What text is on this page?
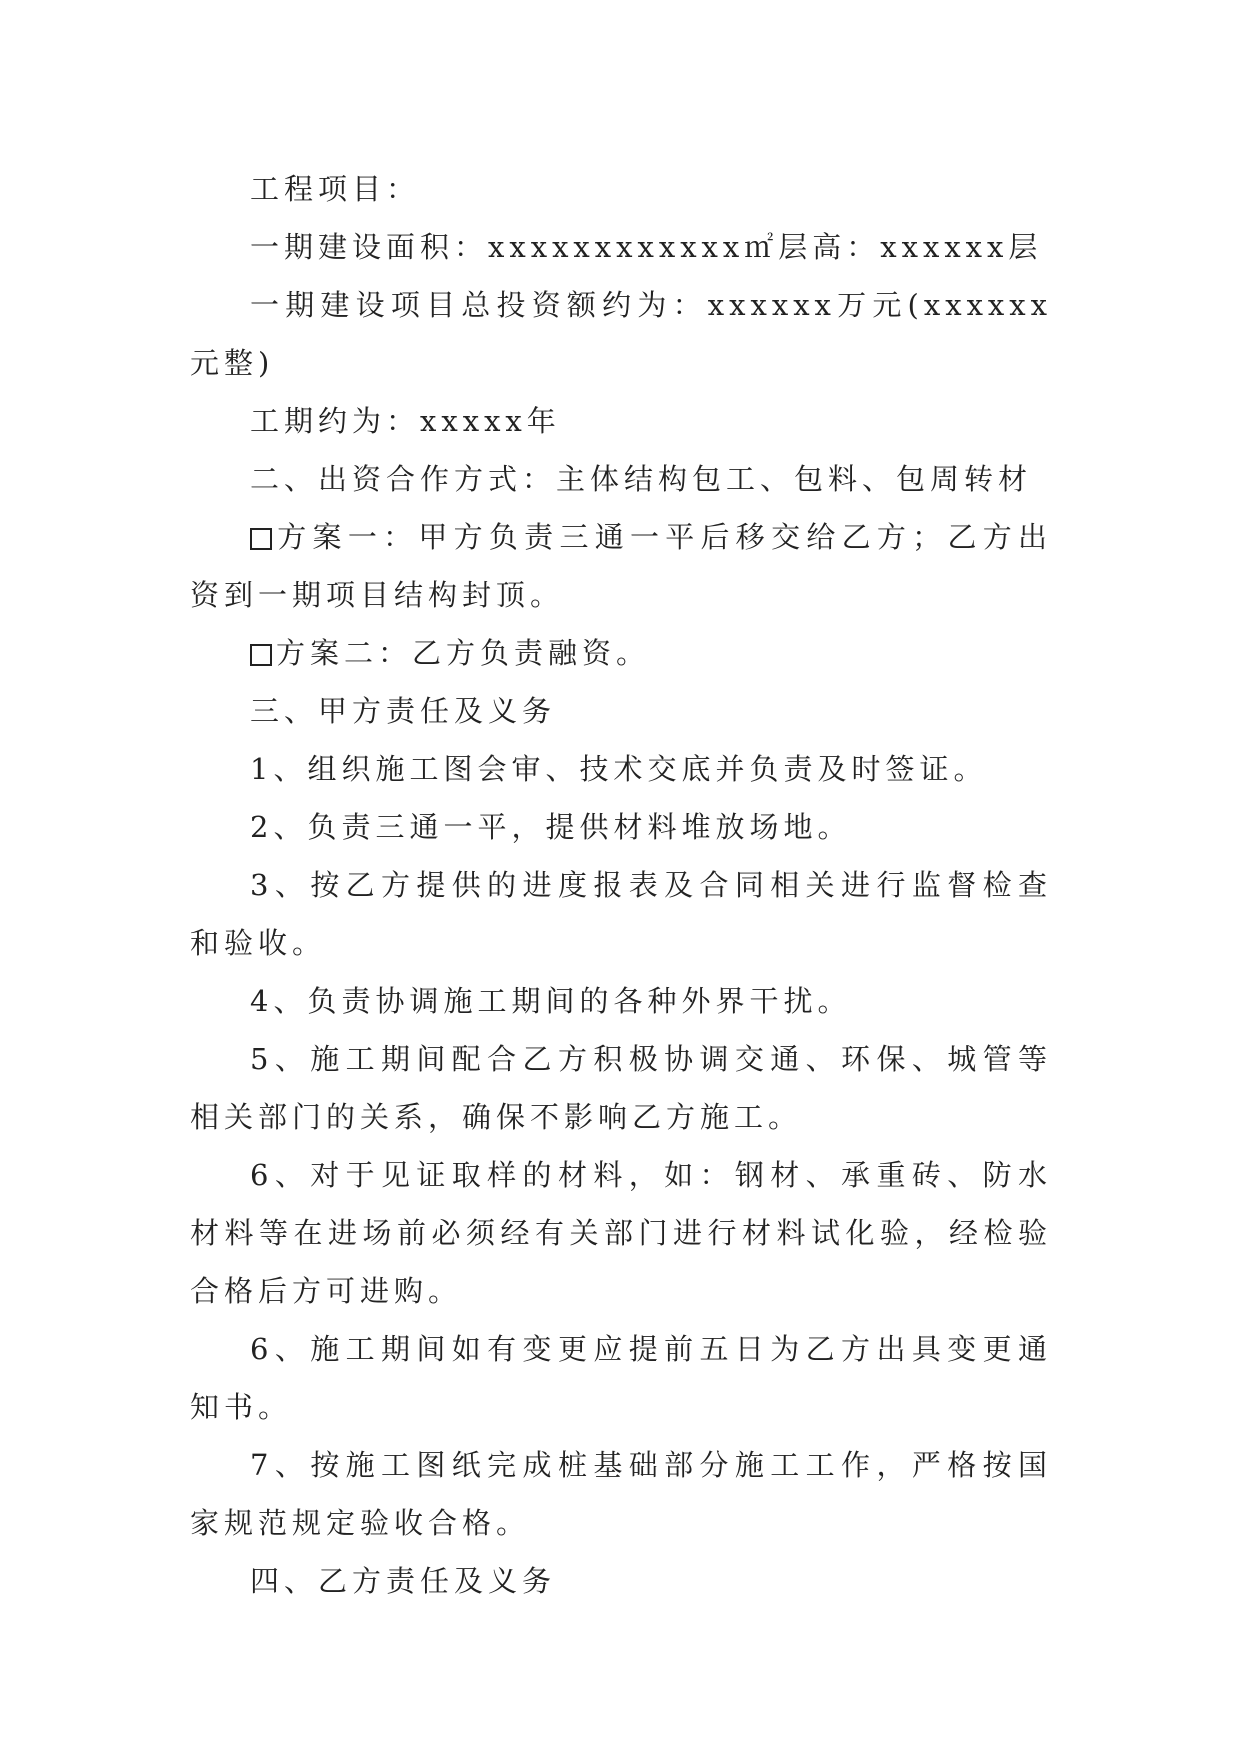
工程项目：

一期建设面积：xxxxxxxxxxxx㎡层高：xxxxxx层

一期建设项目总投资额约为：xxxxxx万元(xxxxxx元整)

工期约为：xxxxx年

二、出资合作方式：主体结构包工、包料、包周转材

方案一：甲方负责三通一平后移交给乙方；乙方出资到一期项目结构封顶。

方案二：乙方负责融资。

三、甲方责任及义务

1、组织施工图会审、技术交底并负责及时签证。

2、负责三通一平，提供材料堆放场地。

3、按乙方提供的进度报表及合同相关进行监督检查和验收。

4、负责协调施工期间的各种外界干扰。

5、施工期间配合乙方积极协调交通、环保、城管等相关部门的关系，确保不影响乙方施工。

6、对于见证取样的材料，如：钢材、承重砖、防水材料等在进场前必须经有关部门进行材料试化验，经检验合格后方可进购。

6、施工期间如有变更应提前五日为乙方出具变更通知书。

7、按施工图纸完成桩基础部分施工工作，严格按国家规范规定验收合格。

四、乙方责任及义务
